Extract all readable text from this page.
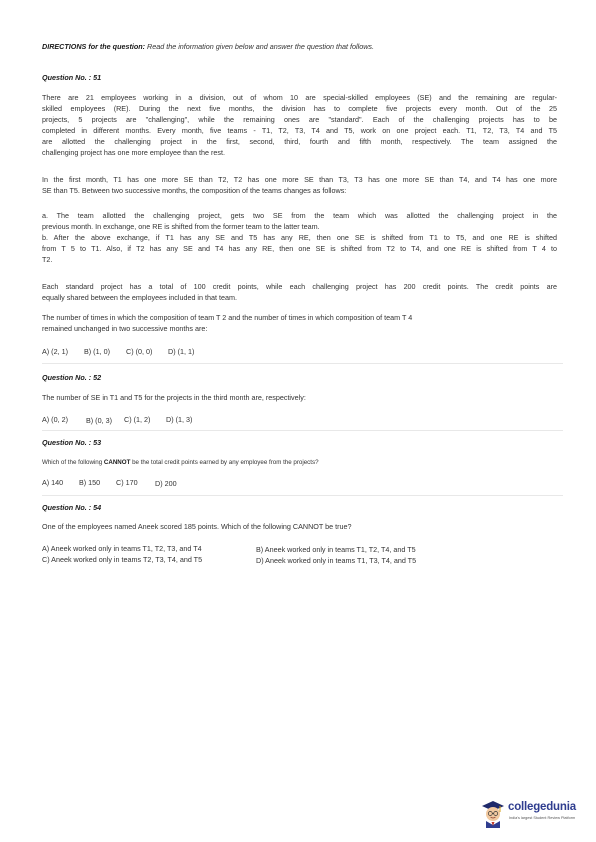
DIRECTIONS for the question: Read the information given below and answer the question that follows.
Question No. : 51
There are 21 employees working in a division, out of whom 10 are special-skilled employees (SE) and the remaining are regular-
skilled employees (RE). During the next five months, the division has to complete five projects every month. Out of the 25
projects, 5 projects are "challenging", while the remaining ones are "standard". Each of the challenging projects has to be
completed in different months. Every month, five teams - T1, T2, T3, T4 and T5, work on one project each. T1, T2, T3, T4 and T5
are allotted the challenging project in the first, second, third, fourth and fifth month, respectively. The team assigned the
challenging project has one more employee than the rest.
In the first month, T1 has one more SE than T2, T2 has one more SE than T3, T3 has one more SE than T4, and T4 has one more
SE than T5. Between two successive months, the composition of the teams changes as follows:
a. The team allotted the challenging project, gets two SE from the team which was allotted the challenging project in the
previous month. In exchange, one RE is shifted from the former team to the latter team.
b. After the above exchange, if T1 has any SE and T5 has any RE, then one SE is shifted from T1 to T5, and one RE is shifted
from T 5 to T1. Also, if T2 has any SE and T4 has any RE, then one SE is shifted from T2 to T4, and one RE is shifted from T 4 to
T2.
Each standard project has a total of 100 credit points, while each challenging project has 200 credit points. The credit points are
equally shared between the employees included in that team.
The number of times in which the composition of team T 2 and the number of times in which composition of team T 4
remained unchanged in two successive months are:
A) (2, 1) B) (1, 0) C) (0, 0) D) (1, 1)
Question No. : 52
The number of SE in T1 and T5 for the projects in the third month are, respectively:
A) (0, 2)	B) (0, 3) C) (1, 2) D) (1, 3)
Question No. : 53
Which of the following CANNOT be the total credit points earned by any employee from the projects?
A) 140 B) 150 C) 170 D) 200
Question No. : 54
One of the employees named Aneek scored 185 points. Which of the following CANNOT be true?
A) Aneek worked only in teams T1, T2, T3, and T4	B) Aneek worked only in teams T1, T2, T4, and T5
C) Aneek worked only in teams T2, T3, T4, and T5	D) Aneek worked only in teams T1, T3, T4, and T5
collegedunia
India's largest Student Review Platform
